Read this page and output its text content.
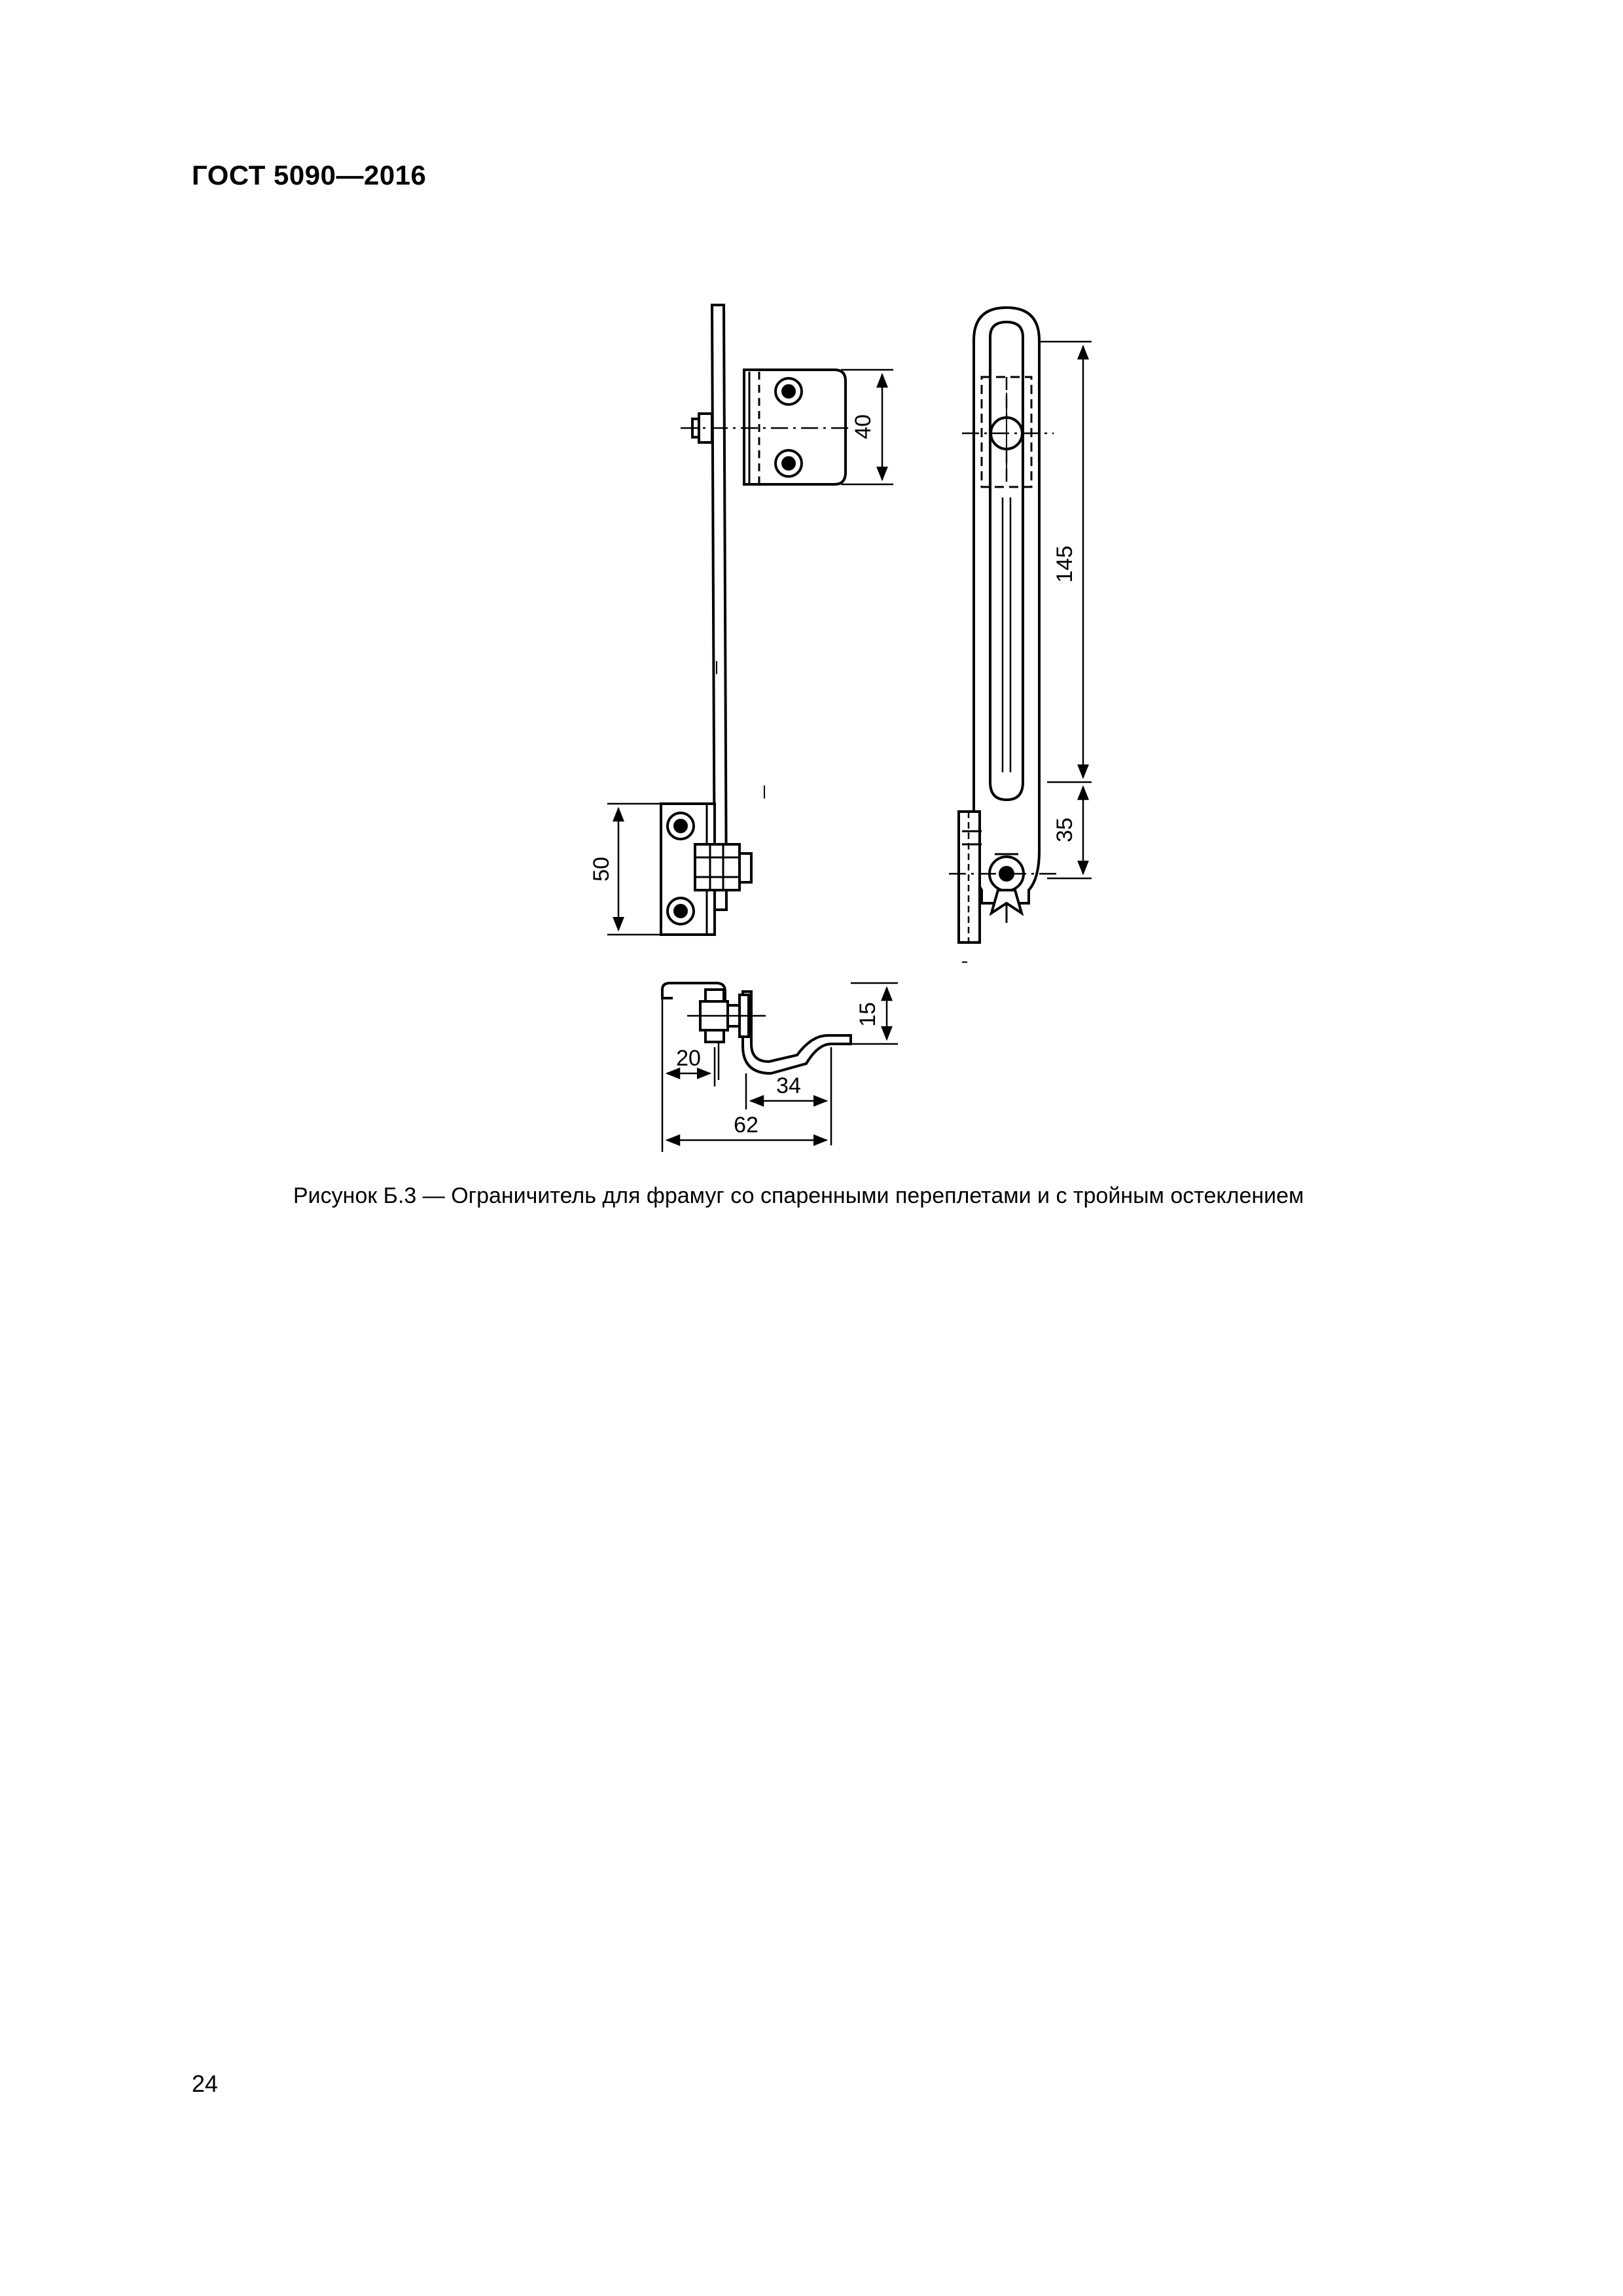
ГОСТ 5090—2016
40
50
145
35
15
20
34
62
Рисунок Б.3 — Ограничитель для фрамуг со спаренными переплетами и с тройным остеклением
24
